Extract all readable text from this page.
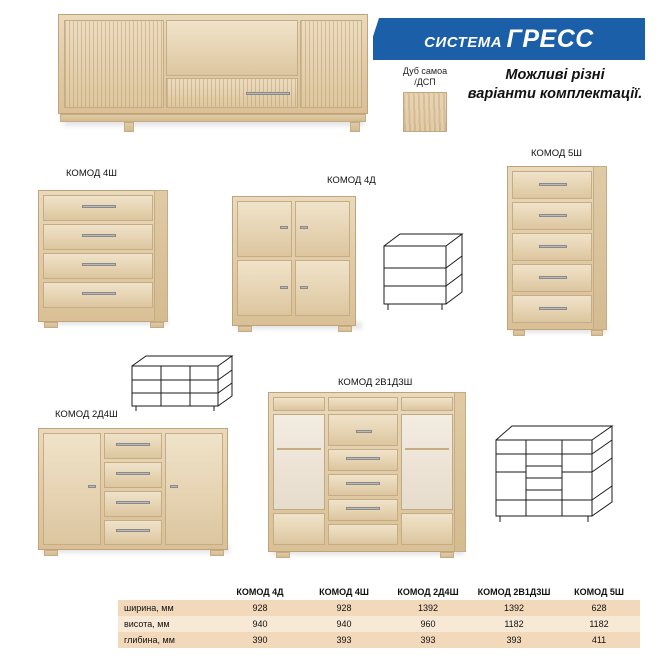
СИСТЕМА ГРЕСС
Дуб самоа
/ДСП	Можливі різні
варіанти комплектації.
КОМОД 4Ш
КОМОД 4Д
КОМОД 5Ш
КОМОД 2Д4Ш
КОМОД 2В1Д3Ш
	КОМОД 4Д	КОМОД 4Ш	КОМОД 2Д4Ш	КОМОД 2В1Д3Ш	КОМОД 5Ш
ширина, мм	928	928	1392	1392	628
висота, мм	940	940	960	1182	1182
глибина, мм	390	393	393	393	411
